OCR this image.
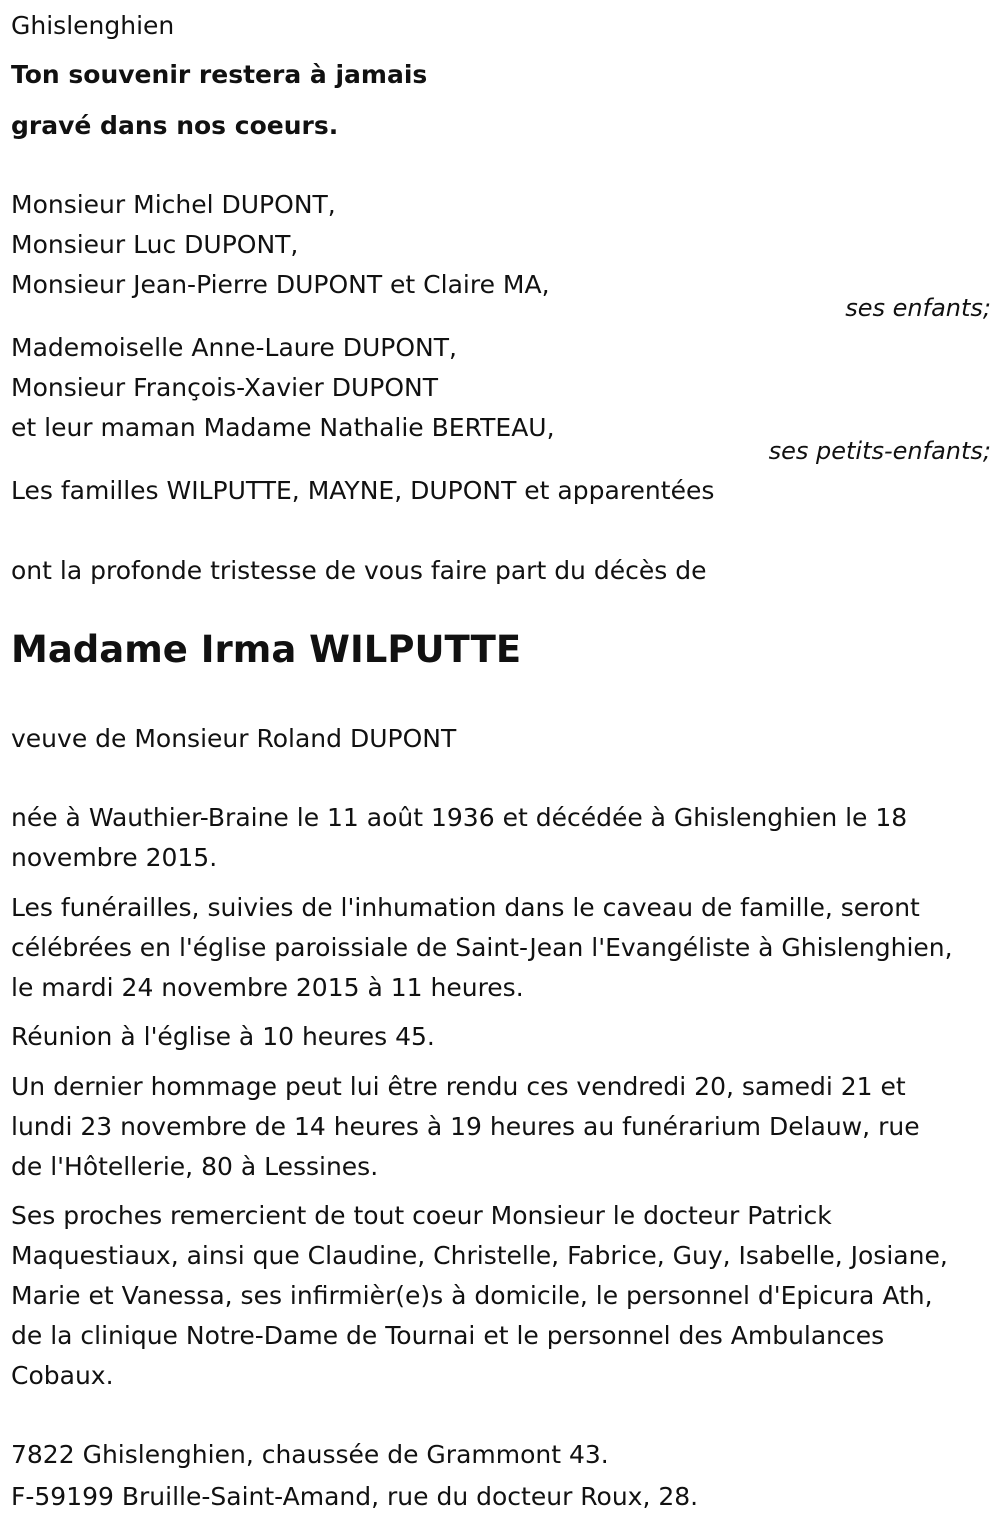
Ghislenghien
Ton souvenir restera à jamais
gravé dans nos coeurs.
Monsieur Michel DUPONT,
Monsieur Luc DUPONT,
Monsieur Jean-Pierre DUPONT et Claire MA,
ses enfants;
Mademoiselle Anne-Laure DUPONT,
Monsieur François-Xavier DUPONT
et leur maman Madame Nathalie BERTEAU,
ses petits-enfants;
Les familles WILPUTTE, MAYNE, DUPONT et apparentées
ont la profonde tristesse de vous faire part du décès de
Madame Irma WILPUTTE
veuve de Monsieur Roland DUPONT
née à Wauthier-Braine le 11 août 1936 et décédée à Ghislenghien le 18
novembre 2015.
Les funérailles, suivies de l'inhumation dans le caveau de famille, seront
célébrées en l'église paroissiale de Saint-Jean l'Evangéliste à Ghislenghien,
le mardi 24 novembre 2015 à 11 heures.
Réunion à l'église à 10 heures 45.
Un dernier hommage peut lui être rendu ces vendredi 20, samedi 21 et
lundi 23 novembre de 14 heures à 19 heures au funérarium Delauw, rue
de l'Hôtellerie, 80 à Lessines.
Ses proches remercient de tout coeur Monsieur le docteur Patrick
Maquestiaux, ainsi que Claudine, Christelle, Fabrice, Guy, Isabelle, Josiane,
Marie et Vanessa, ses infirmièr(e)s à domicile, le personnel d'Epicura Ath,
de la clinique Notre-Dame de Tournai et le personnel des Ambulances
Cobaux.
7822 Ghislenghien, chaussée de Grammont 43.
F-59199 Bruille-Saint-Amand, rue du docteur Roux, 28.
